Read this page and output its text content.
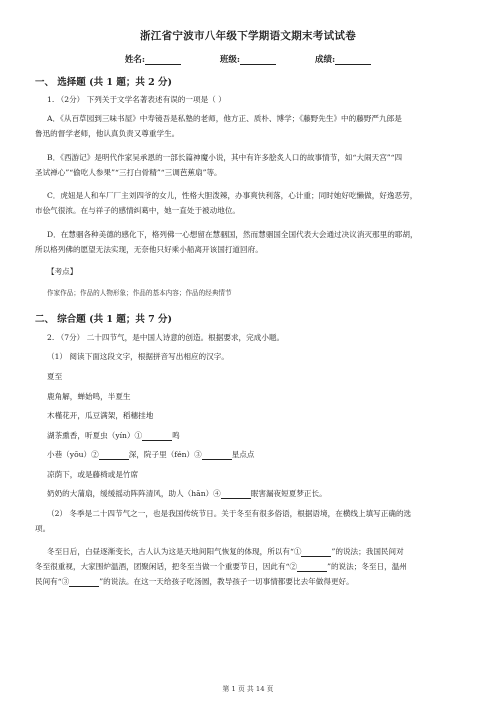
浙江省宁波市八年级下学期语文期末考试试卷
姓名:	班级:	成绩:
一、 选择题 (共 1 题；共 2 分)
1. （2分） 下列关于文学名著表述有误的一项是（ ）
A．《从百草园到三味书屋》中寿镜吾是私塾的老师，他方正、质朴、博学；《藤野先生》中的藤野严九郎是
鲁迅的督学老师，他认真负责又尊重学生。
B．《西游记》是明代作家吴承恩的一部长篇神魔小说，其中有许多脍炙人口的故事情节，如“大闹天宫”“四
圣试禅心”“偷吃人参果”“三打白骨精”“三调芭蕉扇”等。
C．虎妞是人和车厂厂主刘四爷的女儿，性格大胆泼辣，办事爽快利落，心计重；同时她好吃懒做，好逸恶劳，
市侩气很浓。在与祥子的感情纠葛中，她一直处于被动地位。
D．在慧骃各种美德的感化下，格列佛一心想留在慧骃国，然而慧骃国全国代表大会通过决议消灭那里的耶胡，
所以格列佛的愿望无法实现，无奈他只好乘小船离开该国打道回府。
【考点】
作家作品；作品的人物形象；作品的基本内容；作品的经典情节
二、 综合题 (共 1 题；共 7 分)
2. （7分） 二十四节气，是中国人诗意的创造。根据要求，完成小题。
（1） 阅读下面这段文字，根据拼音写出相应的汉字。
夏至
鹿角解，蝉始鸣，半夏生
木槿花开，瓜豆满架，稻穗挂地
湖茶熏香，听夏虫（yín）①	鸣
小巷（yōu）②	深，院子里（fén）③	星点点
凉荫下，或是藤椅或是竹席
奶奶的大蒲扇，缓缓摇动阵阵清风，助人（hān）④	眠害漏夜短夏梦正长。
（2） 冬季是二十四节气之一，也是我国传统节日。关于冬至有很多俗语，根据语境，在横线上填写正确的选
项。
冬至日后，白昼逐渐变长，古人认为这是天地间阳气恢复的体现，所以有“①	”的说法；我国民间对
冬至很重视，大家围炉温酒，团聚闲话，把冬至当做一个重要节日，因此有“②	”的说法；冬至日，温州
民间有“③	”的说法。在这一天给孩子吃汤圆，教导孩子一切事情都要比去年做得更好。
第 1 页 共 14 页
